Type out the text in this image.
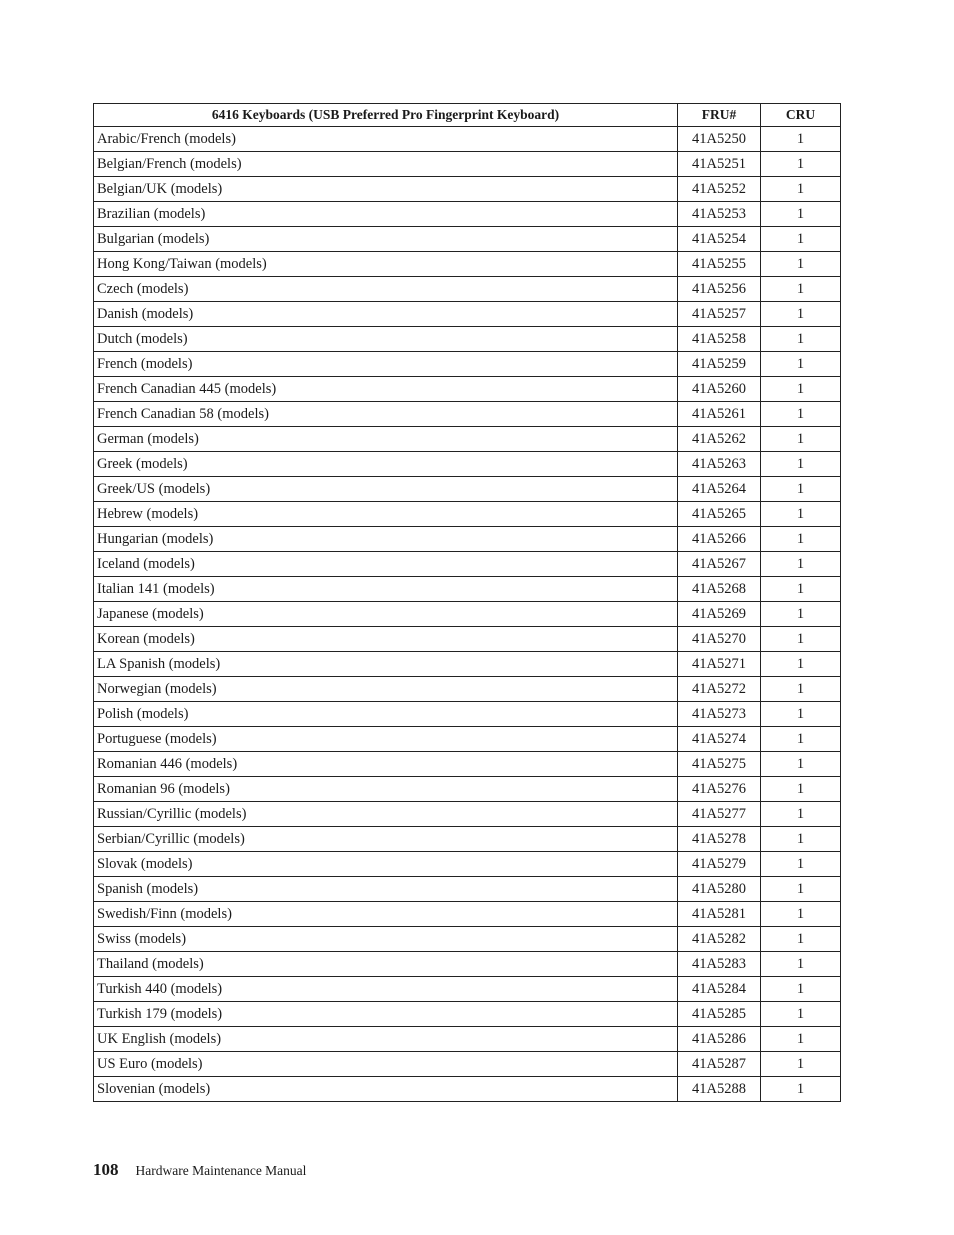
6416 Keyboards (USB Preferred Pro Fingerprint Keyboard)	FRU#	CRU
Arabic/French (models)	41A5250	1
Belgian/French (models)	41A5251	1
Belgian/UK (models)	41A5252	1
Brazilian (models)	41A5253	1
Bulgarian (models)	41A5254	1
Hong Kong/Taiwan (models)	41A5255	1
Czech (models)	41A5256	1
Danish (models)	41A5257	1
Dutch (models)	41A5258	1
French (models)	41A5259	1
French Canadian 445 (models)	41A5260	1
French Canadian 58 (models)	41A5261	1
German (models)	41A5262	1
Greek (models)	41A5263	1
Greek/US (models)	41A5264	1
Hebrew (models)	41A5265	1
Hungarian (models)	41A5266	1
Iceland (models)	41A5267	1
Italian 141 (models)	41A5268	1
Japanese (models)	41A5269	1
Korean (models)	41A5270	1
LA Spanish (models)	41A5271	1
Norwegian (models)	41A5272	1
Polish (models)	41A5273	1
Portuguese (models)	41A5274	1
Romanian 446 (models)	41A5275	1
Romanian 96 (models)	41A5276	1
Russian/Cyrillic (models)	41A5277	1
Serbian/Cyrillic (models)	41A5278	1
Slovak (models)	41A5279	1
Spanish (models)	41A5280	1
Swedish/Finn (models)	41A5281	1
Swiss (models)	41A5282	1
Thailand (models)	41A5283	1
Turkish 440 (models)	41A5284	1
Turkish 179 (models)	41A5285	1
UK English (models)	41A5286	1
US Euro (models)	41A5287	1
Slovenian (models)	41A5288	1
108 Hardware Maintenance Manual
